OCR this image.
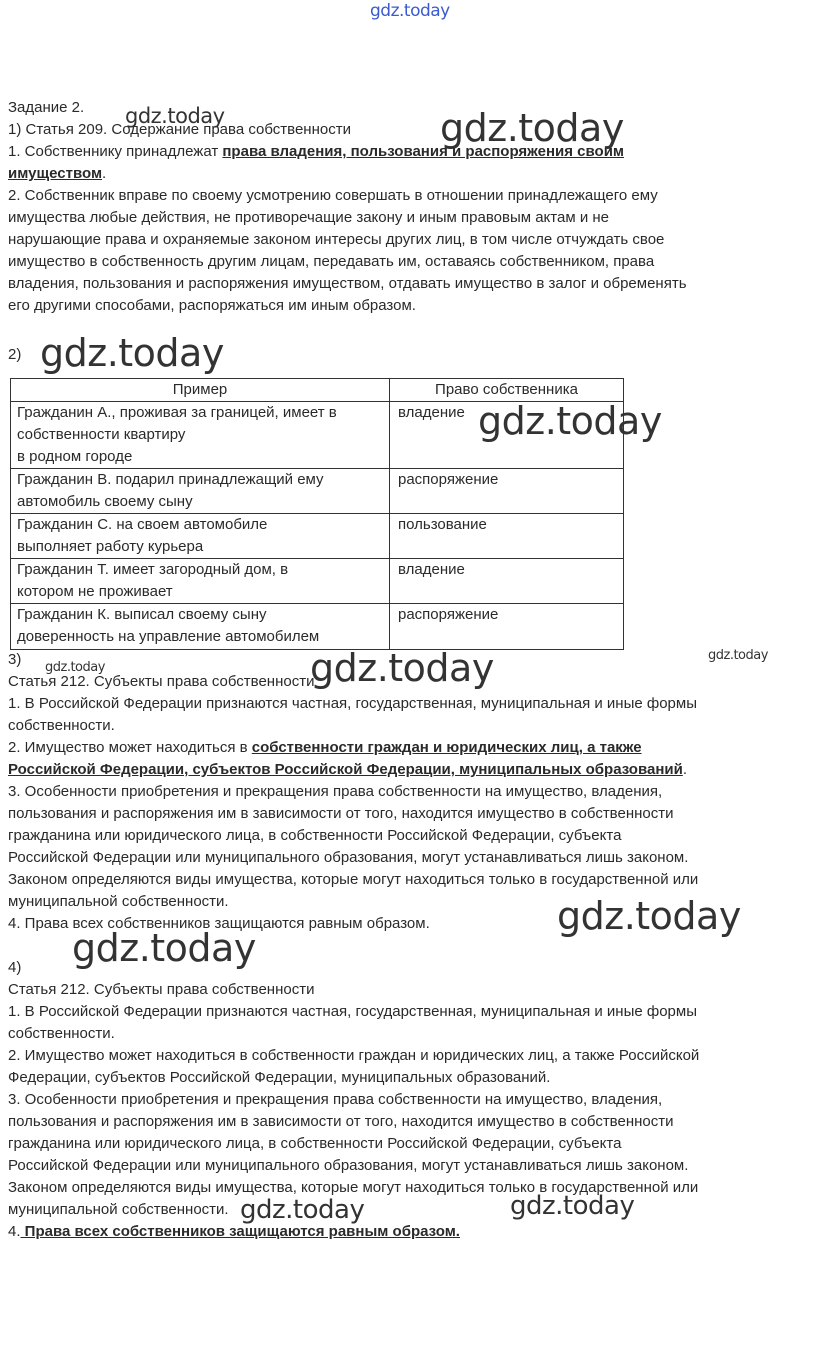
Задание 2.
1) Статья 209. Содержание права собственности
1. Собственнику принадлежат права владения, пользования и распоряжения своим
имуществом.
2. Собственник вправе по своему усмотрению совершать в отношении принадлежащего ему
имущества любые действия, не противоречащие закону и иным правовым актам и не
нарушающие права и охраняемые законом интересы других лиц, в том числе отчуждать свое
имущество в собственность другим лицам, передавать им, оставаясь собственником, права
владения, пользования и распоряжения имуществом, отдавать имущество в залог и обременять
его другими способами, распоряжаться им иным образом.
2)
Пример	Право собственника

Гражданин А., проживая за границей, имеет в
собственности квартиру
в родном городе	владение

Гражданин В. подарил принадлежащий ему
автомобиль своему сыну	распоряжение

Гражданин С. на своем автомобиле
выполняет работу курьера	пользование

Гражданин Т. имеет загородный дом, в
котором не проживает	владение

Гражданин К. выписал своему сыну
доверенность на управление автомобилем	распоряжение
3)
Статья 212. Субъекты права собственности
1. В Российской Федерации признаются частная, государственная, муниципальная и иные формы
собственности.
2. Имущество может находиться в собственности граждан и юридических лиц, а также
Российской Федерации, субъектов Российской Федерации, муниципальных образований.
3. Особенности приобретения и прекращения права собственности на имущество, владения,
пользования и распоряжения им в зависимости от того, находится имущество в собственности
гражданина или юридического лица, в собственности Российской Федерации, субъекта
Российской Федерации или муниципального образования, могут устанавливаться лишь законом.
Законом определяются виды имущества, которые могут находиться только в государственной или
муниципальной собственности.
4. Права всех собственников защищаются равным образом.
4)
Статья 212. Субъекты права собственности
1. В Российской Федерации признаются частная, государственная, муниципальная и иные формы
собственности.
2. Имущество может находиться в собственности граждан и юридических лиц, а также Российской
Федерации, субъектов Российской Федерации, муниципальных образований.
3. Особенности приобретения и прекращения права собственности на имущество, владения,
пользования и распоряжения им в зависимости от того, находится имущество в собственности
гражданина или юридического лица, в собственности Российской Федерации, субъекта
Российской Федерации или муниципального образования, могут устанавливаться лишь законом.
Законом определяются виды имущества, которые могут находиться только в государственной или
муниципальной собственности.
4. Права всех собственников защищаются равным образом.
gdz.today
gdz.today	gdz.today
gdz.today
gdz.today
gdz.today
gdz.today
gdz.today
gdz.today
gdz.today
gdz.today	gdz.today
